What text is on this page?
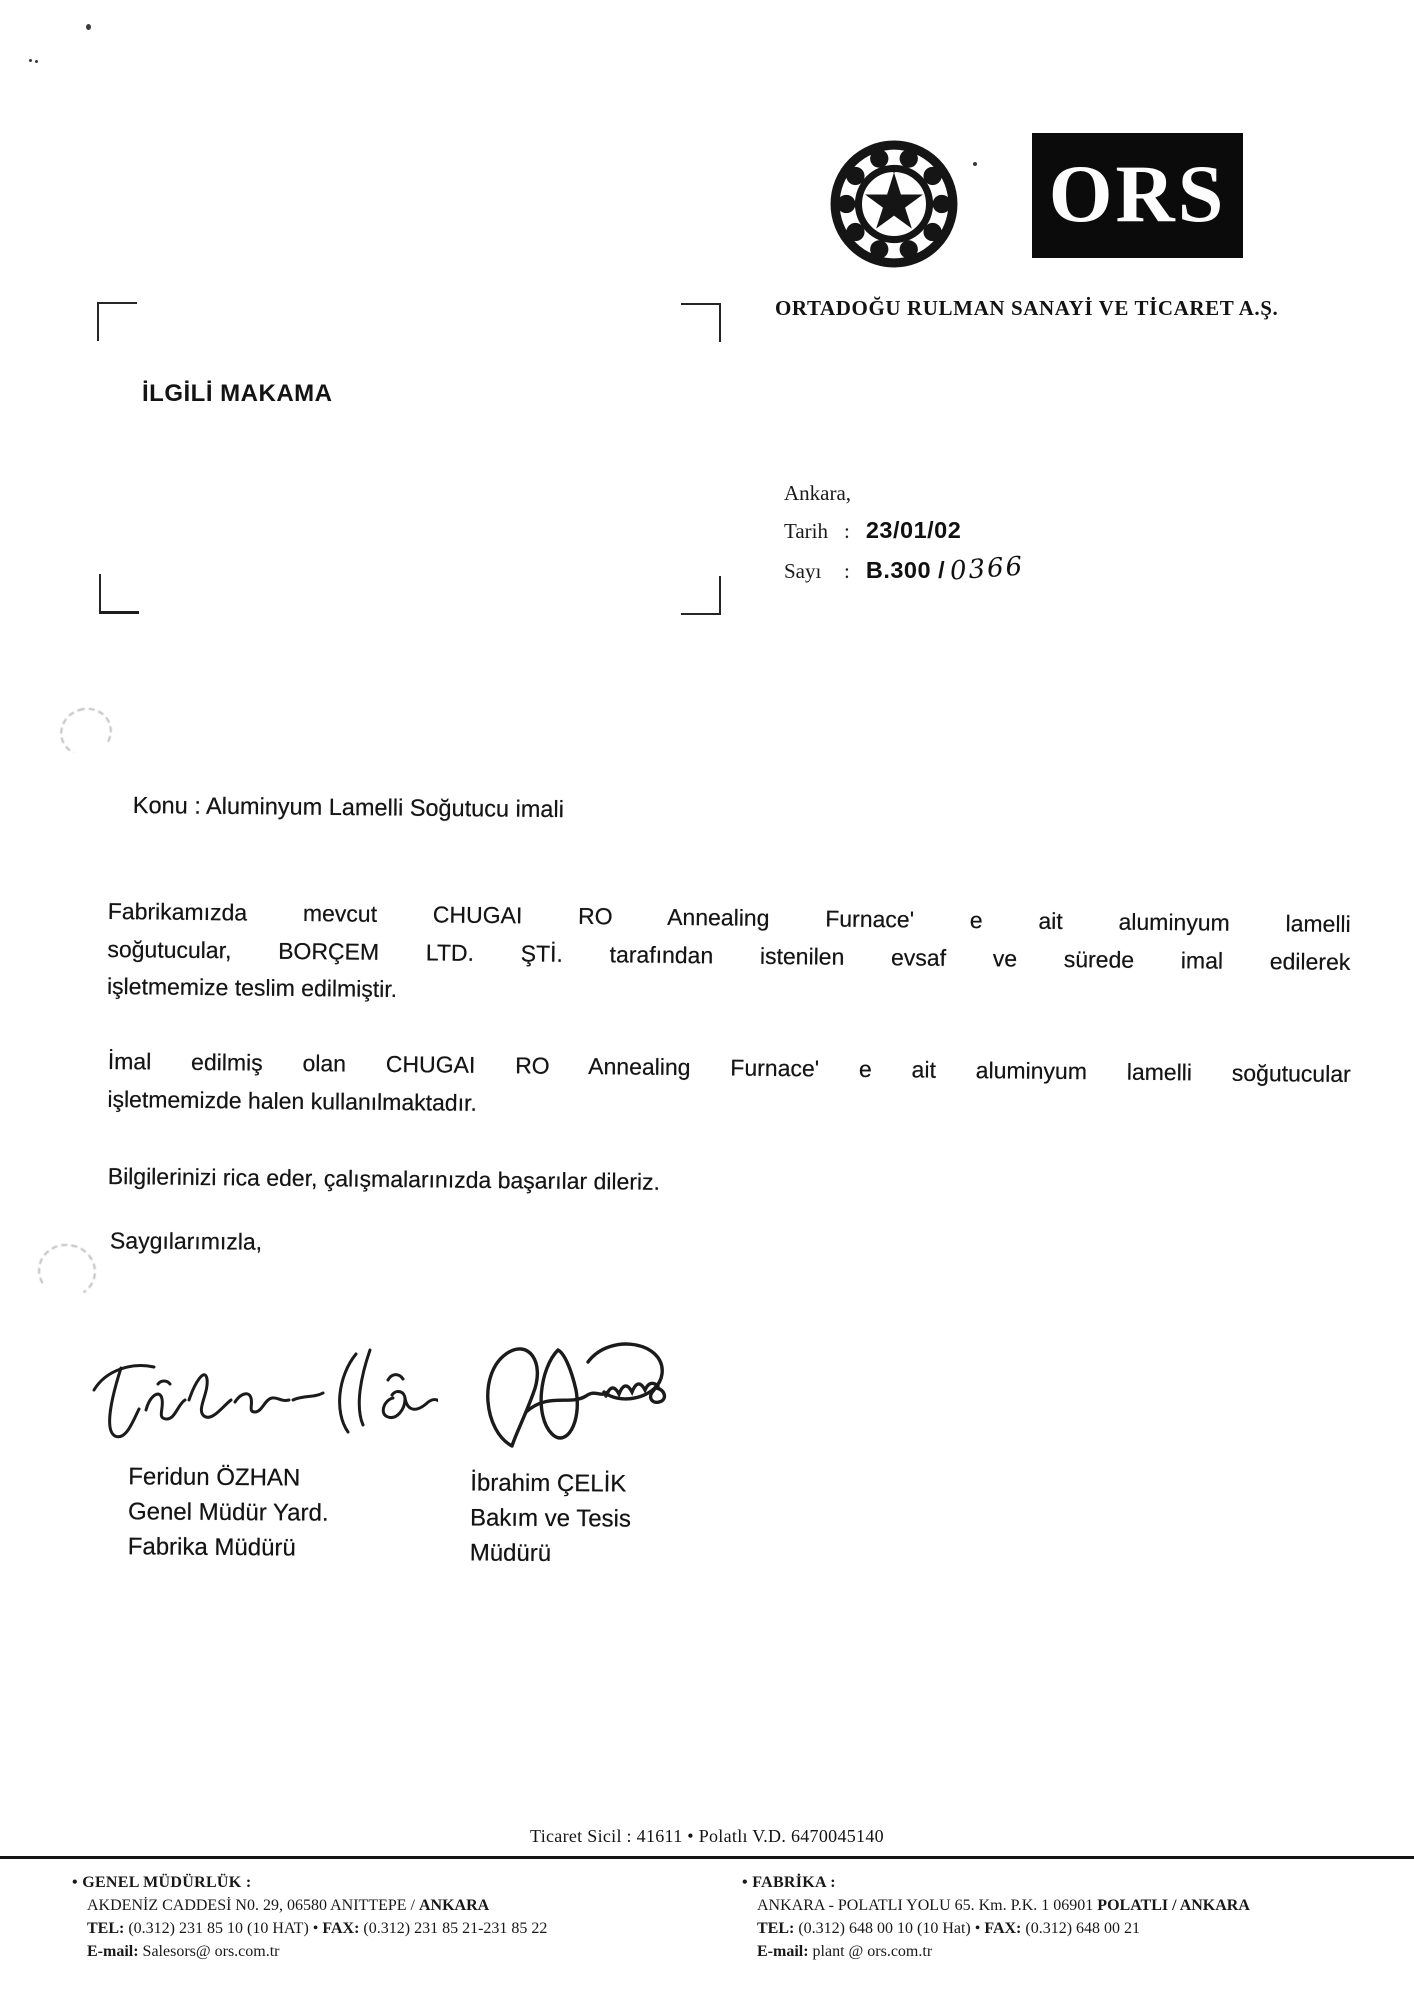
ORS
ORTADOĞU RULMAN SANAYİ VE TİCARET A.Ş.
İLGİLİ MAKAMA
Ankara,
Tarih : 23/01/02
Sayı : B.300 / 0366
Konu : Aluminyum Lamelli Soğutucu imali
Fabrikamızda mevcut CHUGAI RO Annealing Furnace' e ait aluminyum lamelli
soğutucular, BORÇEM LTD. ŞTİ. tarafından istenilen evsaf ve sürede imal edilerek
işletmemize teslim edilmiştir.
İmal edilmiş olan CHUGAI RO Annealing Furnace' e ait aluminyum lamelli soğutucular
işletmemizde halen kullanılmaktadır.
Bilgilerinizi rica eder, çalışmalarınızda başarılar dileriz.
Saygılarımızla,
Feridun ÖZHAN
Genel Müdür Yard.
Fabrika Müdürü
İbrahim ÇELİK
Bakım ve Tesis
Müdürü
Ticaret Sicil : 41611 • Polatlı V.D. 6470045140
• GENEL MÜDÜRLÜK :
AKDENİZ CADDESİ N0. 29, 06580 ANITTEPE / ANKARA
TEL: (0.312) 231 85 10 (10 HAT) • FAX: (0.312) 231 85 21-231 85 22
E-mail: Salesors@ ors.com.tr
• FABRİKA :
ANKARA - POLATLI YOLU 65. Km. P.K. 1 06901 POLATLI / ANKARA
TEL: (0.312) 648 00 10 (10 Hat) • FAX: (0.312) 648 00 21
E-mail: plant @ ors.com.tr
